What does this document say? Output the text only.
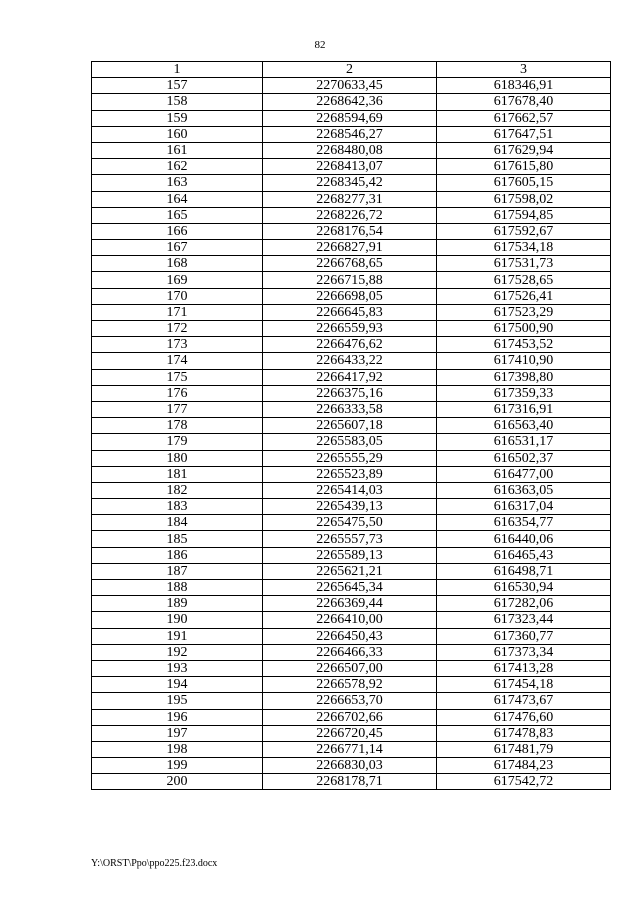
82
1	2	3
157	2270633,45	618346,91
158	2268642,36	617678,40
159	2268594,69	617662,57
160	2268546,27	617647,51
161	2268480,08	617629,94
162	2268413,07	617615,80
163	2268345,42	617605,15
164	2268277,31	617598,02
165	2268226,72	617594,85
166	2268176,54	617592,67
167	2266827,91	617534,18
168	2266768,65	617531,73
169	2266715,88	617528,65
170	2266698,05	617526,41
171	2266645,83	617523,29
172	2266559,93	617500,90
173	2266476,62	617453,52
174	2266433,22	617410,90
175	2266417,92	617398,80
176	2266375,16	617359,33
177	2266333,58	617316,91
178	2265607,18	616563,40
179	2265583,05	616531,17
180	2265555,29	616502,37
181	2265523,89	616477,00
182	2265414,03	616363,05
183	2265439,13	616317,04
184	2265475,50	616354,77
185	2265557,73	616440,06
186	2265589,13	616465,43
187	2265621,21	616498,71
188	2265645,34	616530,94
189	2266369,44	617282,06
190	2266410,00	617323,44
191	2266450,43	617360,77
192	2266466,33	617373,34
193	2266507,00	617413,28
194	2266578,92	617454,18
195	2266653,70	617473,67
196	2266702,66	617476,60
197	2266720,45	617478,83
198	2266771,14	617481,79
199	2266830,03	617484,23
200	2268178,71	617542,72
Y:\ORST\Ppo\ppo225.f23.docx
